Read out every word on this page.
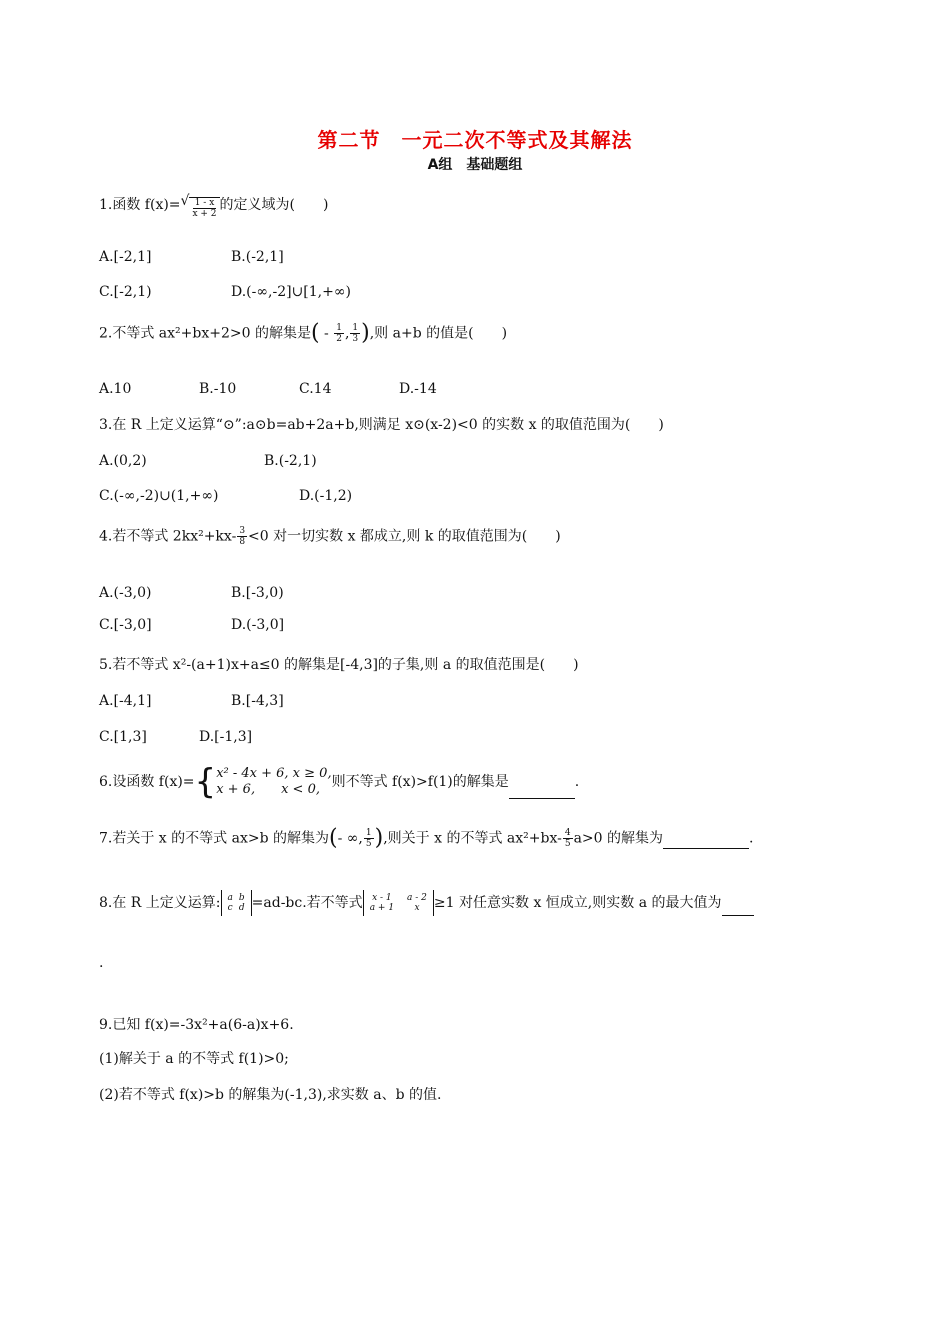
第二节　一元二次不等式及其解法
A组　基础题组
1.函数 $f(x)=√ \frac{1 - x}{x + 2}$ 的定义域为(　　)
A.[-2,1]	B.(-2,1]
C.[-2,1)	D.(-∞,-2]∪[1,+∞)
2.不等式 ax²+bx+2>0 的解集是( - $\frac{1}{2}$ , $\frac{1}{3}$ ),则 a+b 的值是(　　)
A.10	B.-10	C.14	D.-14
3.在 R 上定义运算“⊙”:a⊙b=ab+2a+b,则满足 x⊙(x-2)<0 的实数 x 的取值范围为(　　)
A.(0,2)	B.(-2,1)
C.(-∞,-2)∪(1,+∞)	D.(-1,2)
4.若不等式 $2kx^2+kx- \frac{3}{8} <0$ 对一切实数 x 都成立,则 k 的取值范围为(　　)
A.(-3,0)	B.[-3,0)
C.[-3,0]	D.(-3,0]
5.若不等式 x²-(a+1)x+a≤0 的解集是[-4,3]的子集,则 a 的取值范围是(　　)
A.[-4,1]	B.[-4,3]
C.[1,3]	D.[-1,3]
6.设函数 f(x)= { x² - 4x + 6, x ≥ 0,
x + 6,　　x < 0, 则不等式 f(x)>f(1)的解集是	.
7.若关于 x 的不等式 ax>b 的解集为(- ∞, $\frac{1}{5}$ ),则关于 x 的不等式 $ax^2+bx- \frac{4}{5} a>0$ 的解集为	.
8.在 R 上定义运算: a
c
b
d =ad-bc.若不等式 x - 1
a + 1
a - 2
x ≥1 对任意实数 x 恒成立,则实数 a 的最大值为
.
9.已知 f(x)=-3x²+a(6-a)x+6.
(1)解关于 a 的不等式 f(1)>0;
(2)若不等式 f(x)>b 的解集为(-1,3),求实数 a、b 的值.
